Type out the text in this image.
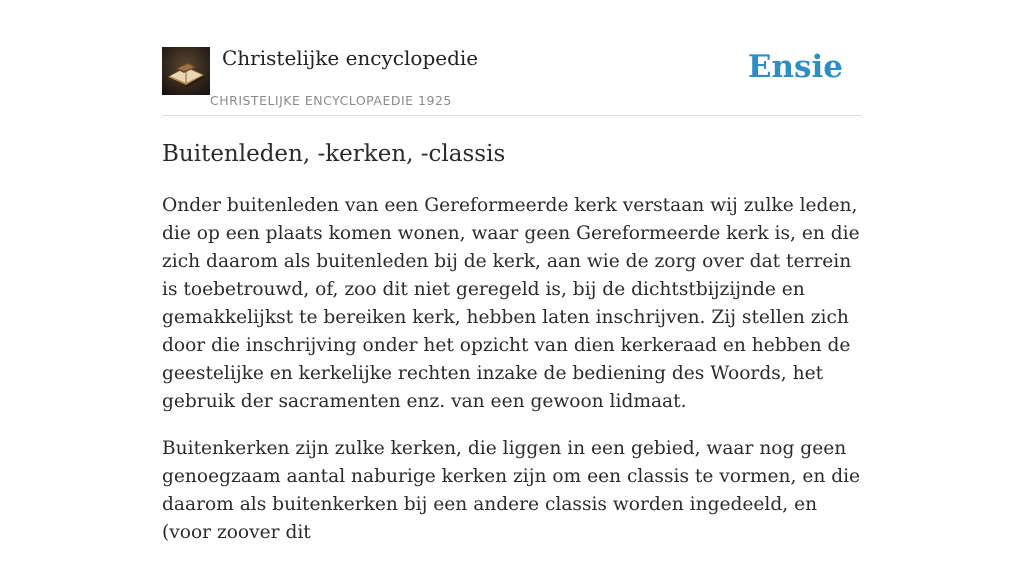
Christelijke encyclopedie
CHRISTELIJKE ENCYCLOPAEDIE 1925
Ensie
Buitenleden, -kerken, -classis

Onder buitenleden van een Gereformeerde kerk verstaan wij zulke leden, die op een plaats komen wonen, waar geen Gereformeerde kerk is, en die zich daarom als buitenleden bij de kerk, aan wie de zorg over dat terrein is toebetrouwd, of, zoo dit niet geregeld is, bij de dichtstbijzijnde en gemakkelijkst te bereiken kerk, hebben laten inschrijven. Zij stellen zich door die inschrijving onder het opzicht van dien kerkeraad en hebben de geestelijke en kerkelijke rechten inzake de bediening des Woords, het gebruik der sacramenten enz. van een gewoon lidmaat.

Buitenkerken zijn zulke kerken, die liggen in een gebied, waar nog geen genoegzaam aantal naburige kerken zijn om een classis te vormen, en die daarom als buitenkerken bij een andere classis worden ingedeeld, en (voor zoover dit
